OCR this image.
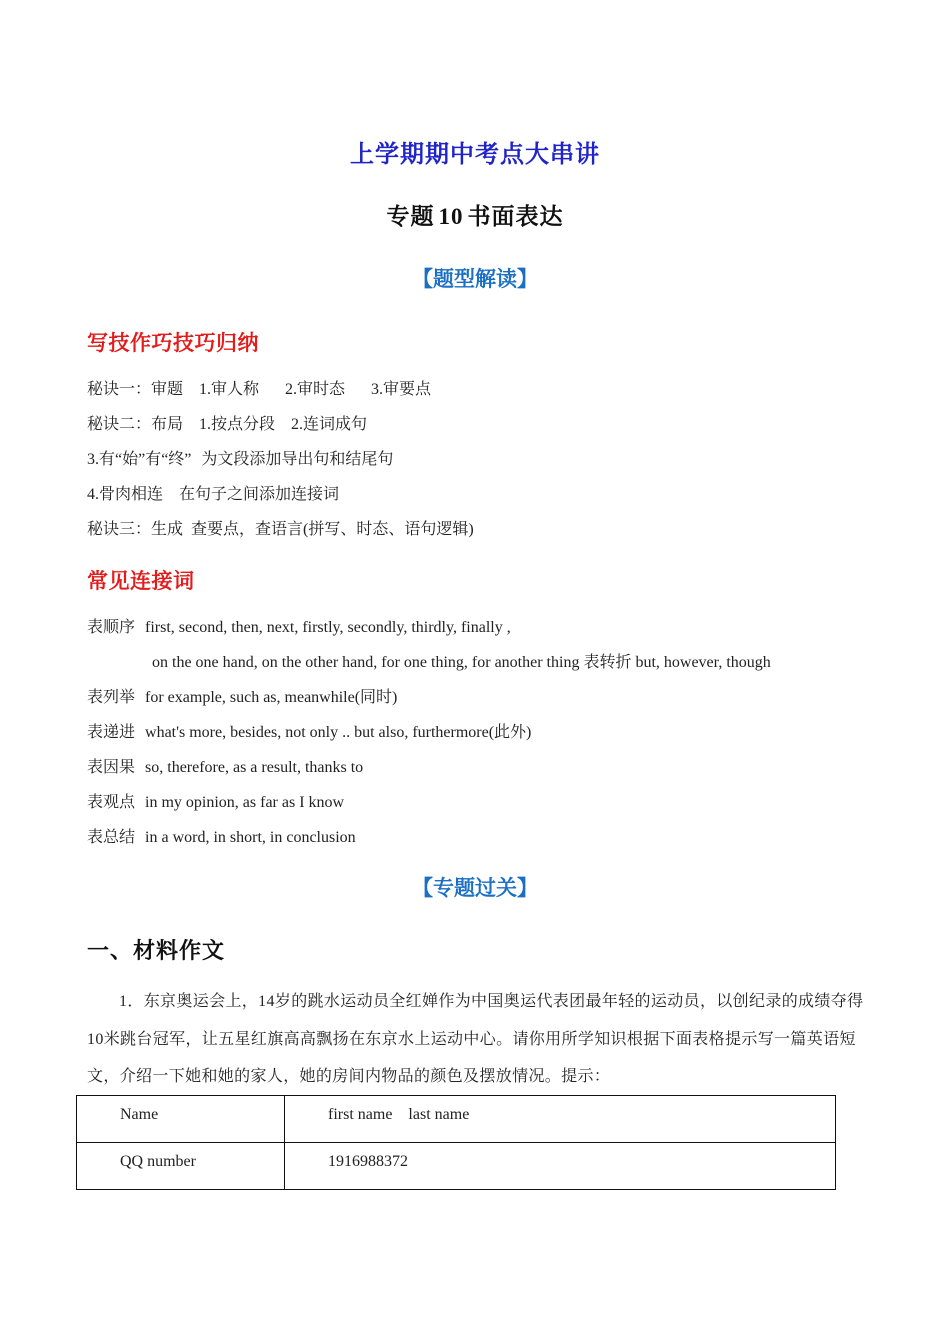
上学期期中考点大串讲
专题 10 书面表达
【题型解读】
写技作巧技巧归纳
秘诀一：审题 1.审人称 2.审时态 3.审要点
秘诀二：布局 1.按点分段 2.连词成句
3.有“始”有“终” 为文段添加导出句和结尾句
4.骨肉相连 在句子之间添加连接词
秘诀三：生成 查要点，查语言(拼写、时态、语句逻辑)
常见连接词
表顺序 first, second, then, next, firstly, secondly, thirdly, finally ,
on the one hand, on the other hand, for one thing, for another thing 表转折 but, however, though
表列举 for example, such as, meanwhile(同时)
表递进 what's more, besides, not only .. but also, furthermore(此外)
表因果 so, therefore, as a result, thanks to
表观点 in my opinion, as far as I know
表总结 in a word, in short, in conclusion
【专题过关】
一、材料作文
1．东京奥运会上，14岁的跳水运动员全红婵作为中国奥运代表团最年轻的运动员，以创纪录的成绩夺得10米跳台冠军，让五星红旗高高飘扬在东京水上运动中心。请你用所学知识根据下面表格提示写一篇英语短文，介绍一下她和她的家人，她的房间内物品的颜色及摆放情况。提示：
Name	first name    last name

QQ number	1916988372
